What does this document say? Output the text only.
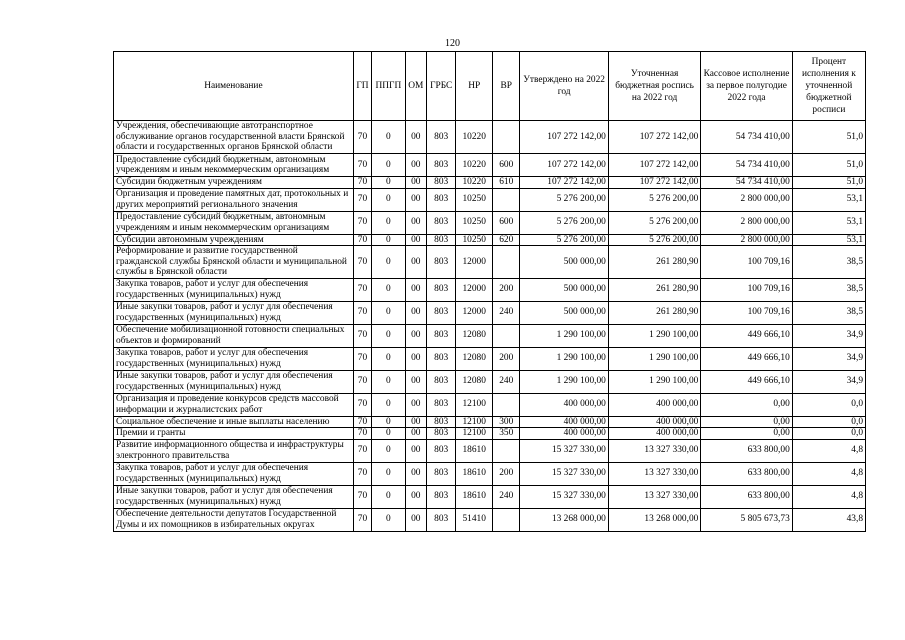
120
Наименование	ГП	ППГП	ОМ	ГРБС	НР	ВР	Утверждено на 2022 год	Уточненная бюджетная роспись на 2022 год	Кассовое исполнение за первое полугодие 2022 года	Процент исполнения к уточненной бюджетной росписи
Учреждения, обеспечивающие автотранспортное обслуживание органов государственной власти Брянской области и государственных органов Брянской области	70	0	00	803	10220		107 272 142,00	107 272 142,00	54 734 410,00	51,0
Предоставление субсидий бюджетным, автономным учреждениям и иным некоммерческим организациям	70	0	00	803	10220	600	107 272 142,00	107 272 142,00	54 734 410,00	51,0
Субсидии бюджетным учреждениям	70	0	00	803	10220	610	107 272 142,00	107 272 142,00	54 734 410,00	51,0
Организация и проведение памятных дат, протокольных и других мероприятий регионального значения	70	0	00	803	10250		5 276 200,00	5 276 200,00	2 800 000,00	53,1
Предоставление субсидий бюджетным, автономным учреждениям и иным некоммерческим организациям	70	0	00	803	10250	600	5 276 200,00	5 276 200,00	2 800 000,00	53,1
Субсидии автономным учреждениям	70	0	00	803	10250	620	5 276 200,00	5 276 200,00	2 800 000,00	53,1
Реформирование и развитие государственной гражданской службы Брянской области и муниципальной службы в Брянской области	70	0	00	803	12000		500 000,00	261 280,90	100 709,16	38,5
Закупка товаров, работ и услуг для обеспечения государственных (муниципальных) нужд	70	0	00	803	12000	200	500 000,00	261 280,90	100 709,16	38,5
Иные закупки товаров, работ и услуг для обеспечения государственных (муниципальных) нужд	70	0	00	803	12000	240	500 000,00	261 280,90	100 709,16	38,5
Обеспечение мобилизационной готовности специальных объектов и формирований	70	0	00	803	12080		1 290 100,00	1 290 100,00	449 666,10	34,9
Закупка товаров, работ и услуг для обеспечения государственных (муниципальных) нужд	70	0	00	803	12080	200	1 290 100,00	1 290 100,00	449 666,10	34,9
Иные закупки товаров, работ и услуг для обеспечения государственных (муниципальных) нужд	70	0	00	803	12080	240	1 290 100,00	1 290 100,00	449 666,10	34,9
Организация и проведение конкурсов средств массовой информации и журналистских работ	70	0	00	803	12100		400 000,00	400 000,00	0,00	0,0
Социальное обеспечение и иные выплаты населению	70	0	00	803	12100	300	400 000,00	400 000,00	0,00	0,0
Премии и гранты	70	0	00	803	12100	350	400 000,00	400 000,00	0,00	0,0
Развитие информационного общества и инфраструктуры электронного правительства	70	0	00	803	18610		15 327 330,00	13 327 330,00	633 800,00	4,8
Закупка товаров, работ и услуг для обеспечения государственных (муниципальных) нужд	70	0	00	803	18610	200	15 327 330,00	13 327 330,00	633 800,00	4,8
Иные закупки товаров, работ и услуг для обеспечения государственных (муниципальных) нужд	70	0	00	803	18610	240	15 327 330,00	13 327 330,00	633 800,00	4,8
Обеспечение деятельности депутатов Государственной Думы и их помощников в избирательных округах	70	0	00	803	51410		13 268 000,00	13 268 000,00	5 805 673,73	43,8
